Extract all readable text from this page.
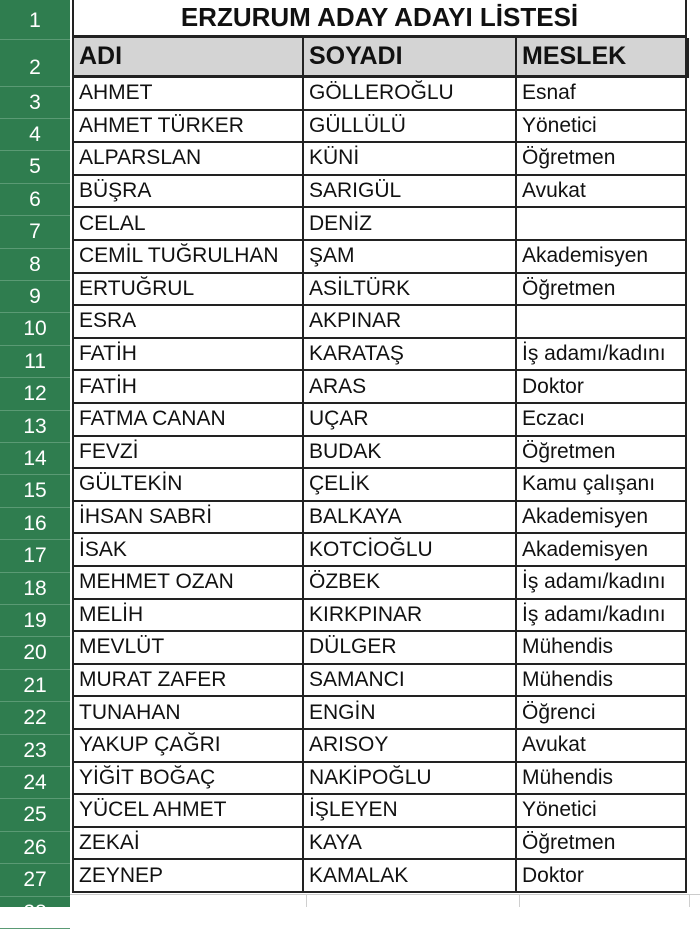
1
2
3
4
5
6
7
8
9
10
11
12
13
14
15
16
17
18
19
20
21
22
23
24
25
26
27
28
ERZURUM ADAY ADAYI LİSTESİ
ADI	SOYADI	MESLEK
AHMET	GÖLLEROĞLU	Esnaf
AHMET TÜRKER	GÜLLÜLÜ	Yönetici
ALPARSLAN	KÜNİ	Öğretmen
BÜŞRA	SARIGÜL	Avukat
CELAL	DENİZ
CEMİL TUĞRULHAN	ŞAM	Akademisyen
ERTUĞRUL	ASİLTÜRK	Öğretmen
ESRA	AKPINAR
FATİH	KARATAŞ	İş adamı/kadını
FATİH	ARAS	Doktor
FATMA CANAN	UÇAR	Eczacı
FEVZİ	BUDAK	Öğretmen
GÜLTEKİN	ÇELİK	Kamu çalışanı
İHSAN SABRİ	BALKAYA	Akademisyen
İSAK	KOTCİOĞLU	Akademisyen
MEHMET OZAN	ÖZBEK	İş adamı/kadını
MELİH	KIRKPINAR	İş adamı/kadını
MEVLÜT	DÜLGER	Mühendis
MURAT ZAFER	SAMANCI	Mühendis
TUNAHAN	ENGİN	Öğrenci
YAKUP ÇAĞRI	ARISOY	Avukat
YİĞİT BOĞAÇ	NAKİPOĞLU	Mühendis
YÜCEL AHMET	İŞLEYEN	Yönetici
ZEKAİ	KAYA	Öğretmen
ZEYNEP	KAMALAK	Doktor
